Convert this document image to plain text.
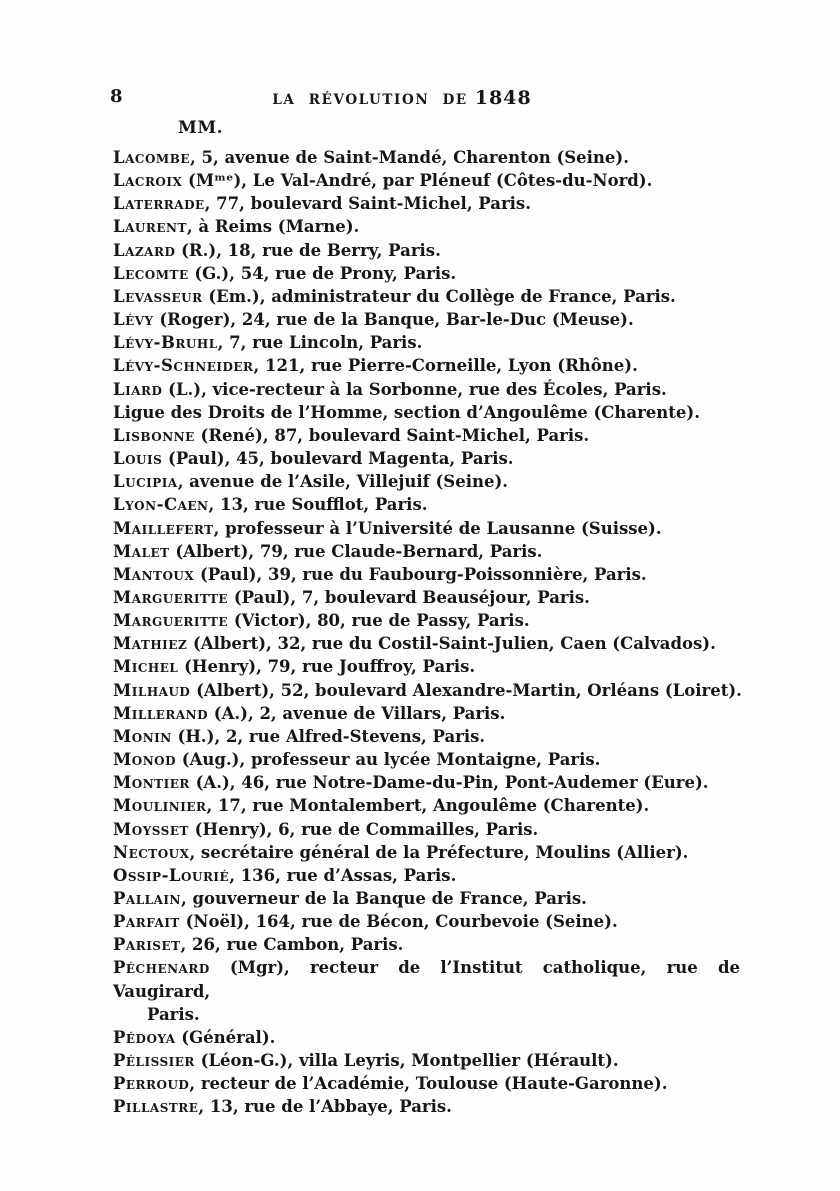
8	LA RÉVOLUTION DE 1848
MM.
Lacombe, 5, avenue de Saint-Mandé, Charenton (Seine).
Lacroix (Mᵐᵉ), Le Val-André, par Pléneuf (Côtes-du-Nord).
Laterrade, 77, boulevard Saint-Michel, Paris.
Laurent, à Reims (Marne).
Lazard (R.), 18, rue de Berry, Paris.
Lecomte (G.), 54, rue de Prony, Paris.
Levasseur (Em.), administrateur du Collège de France, Paris.
Lévy (Roger), 24, rue de la Banque, Bar-le-Duc (Meuse).
Lévy-Bruhl, 7, rue Lincoln, Paris.
Lévy-Schneider, 121, rue Pierre-Corneille, Lyon (Rhône).
Liard (L.), vice-recteur à la Sorbonne, rue des Écoles, Paris.
Ligue des Droits de l’Homme, section d’Angoulême (Charente).
Lisbonne (René), 87, boulevard Saint-Michel, Paris.
Louis (Paul), 45, boulevard Magenta, Paris.
Lucipia, avenue de l’Asile, Villejuif (Seine).
Lyon-Caen, 13, rue Soufflot, Paris.
Maillefert, professeur à l’Université de Lausanne (Suisse).
Malet (Albert), 79, rue Claude-Bernard, Paris.
Mantoux (Paul), 39, rue du Faubourg-Poissonnière, Paris.
Margueritte (Paul), 7, boulevard Beauséjour, Paris.
Margueritte (Victor), 80, rue de Passy, Paris.
Mathiez (Albert), 32, rue du Costil-Saint-Julien, Caen (Calvados).
Michel (Henry), 79, rue Jouffroy, Paris.
Milhaud (Albert), 52, boulevard Alexandre-Martin, Orléans (Loiret).
Millerand (A.), 2, avenue de Villars, Paris.
Monin (H.), 2, rue Alfred-Stevens, Paris.
Monod (Aug.), professeur au lycée Montaigne, Paris.
Montier (A.), 46, rue Notre-Dame-du-Pin, Pont-Audemer (Eure).
Moulinier, 17, rue Montalembert, Angoulême (Charente).
Moysset (Henry), 6, rue de Commailles, Paris.
Nectoux, secrétaire général de la Préfecture, Moulins (Allier).
Ossip-Lourié, 136, rue d’Assas, Paris.
Pallain, gouverneur de la Banque de France, Paris.
Parfait (Noël), 164, rue de Bécon, Courbevoie (Seine).
Pariset, 26, rue Cambon, Paris.
Péchenard (Mgr), recteur de l’Institut catholique, rue de Vaugirard,
Paris.
Pédoya (Général).
Pélissier (Léon-G.), villa Leyris, Montpellier (Hérault).
Perroud, recteur de l’Académie, Toulouse (Haute-Garonne).
Pillastre, 13, rue de l’Abbaye, Paris.
